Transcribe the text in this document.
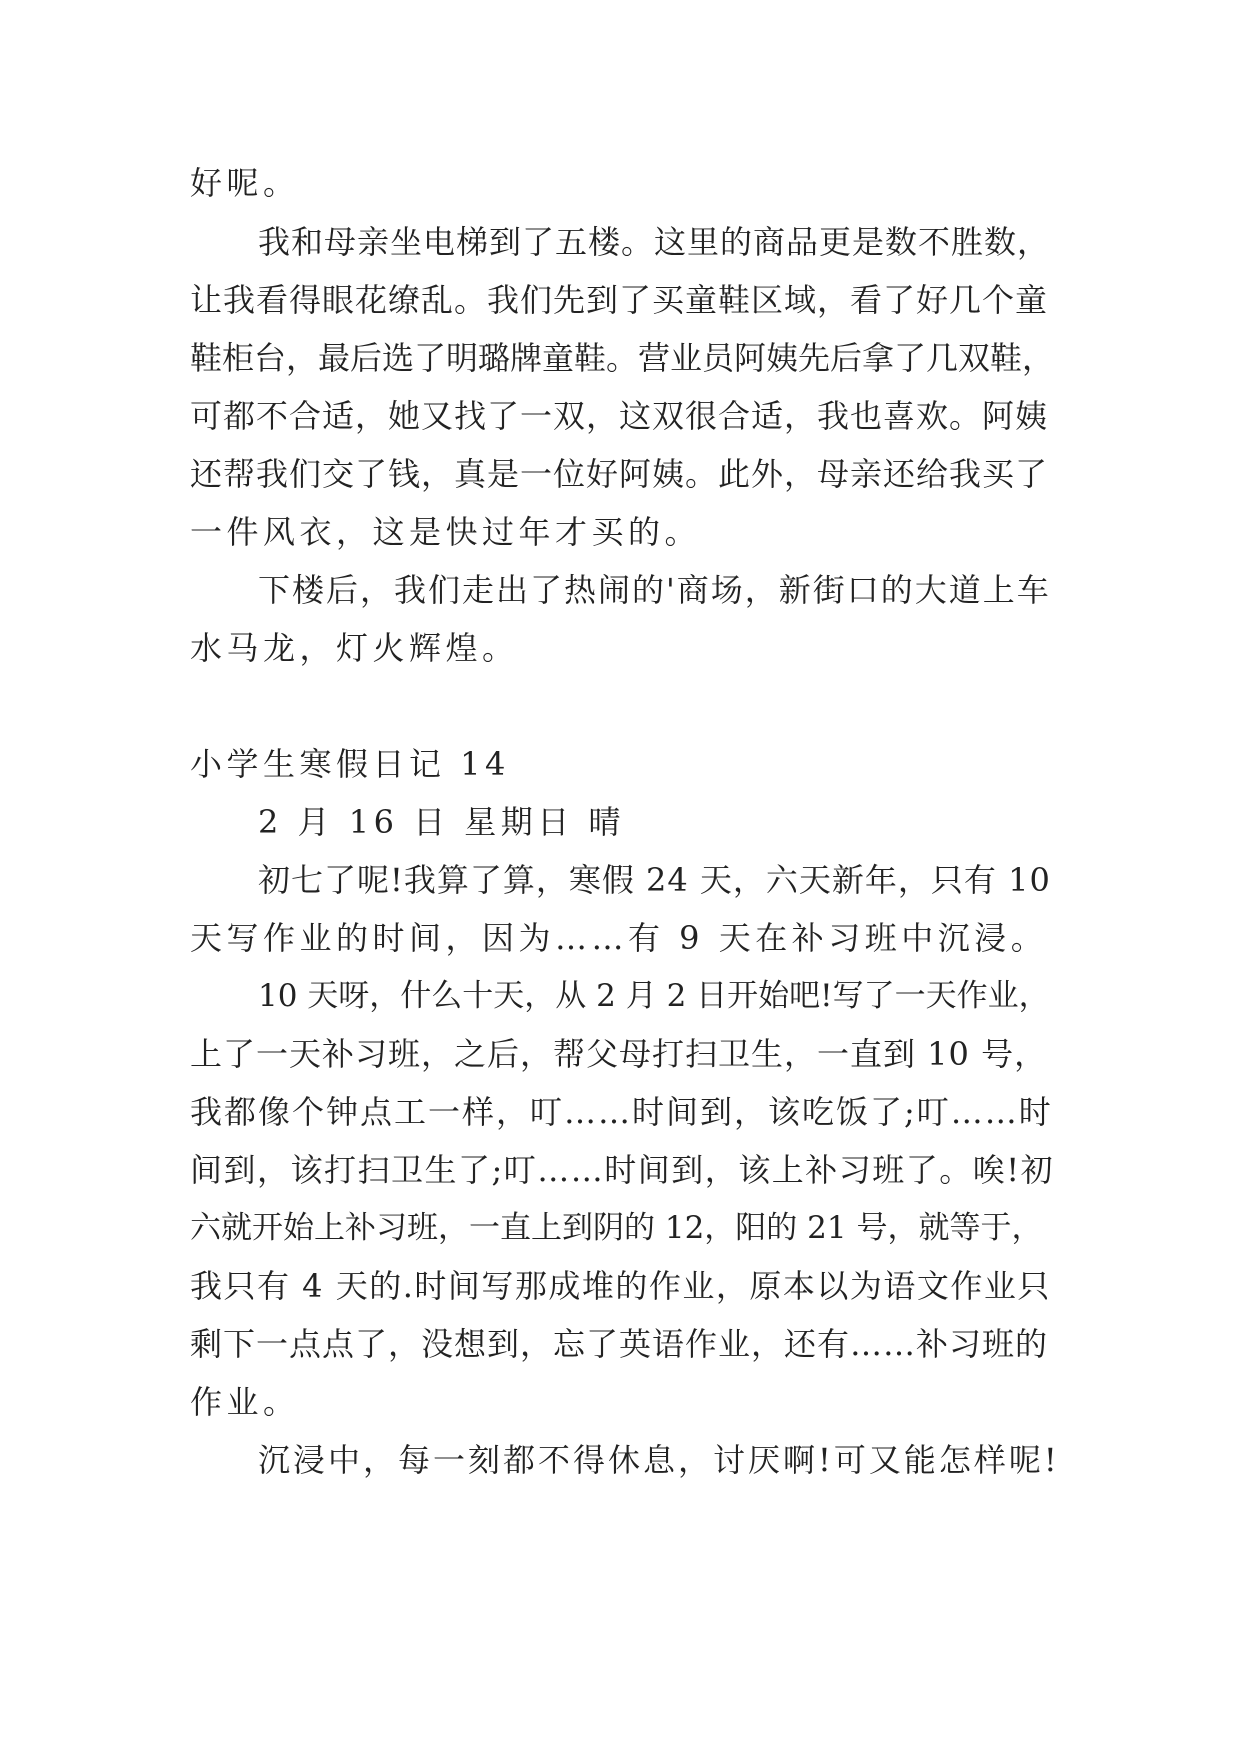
好呢。
我和母亲坐电梯到了五楼。这里的商品更是数不胜数，
让我看得眼花缭乱。我们先到了买童鞋区域，看了好几个童
鞋柜台，最后选了明璐牌童鞋。营业员阿姨先后拿了几双鞋，
可都不合适，她又找了一双，这双很合适，我也喜欢。阿姨
还帮我们交了钱，真是一位好阿姨。此外，母亲还给我买了
一件风衣，这是快过年才买的。
下楼后，我们走出了热闹的'商场，新街口的大道上车
水马龙，灯火辉煌。
小学生寒假日记 14
2 月 16 日 星期日 晴
初七了呢!我算了算，寒假 24 天，六天新年，只有 10
天写作业的时间，因为……有 9 天在补习班中沉浸。
10 天呀，什么十天，从 2 月 2 日开始吧!写了一天作业，
上了一天补习班，之后，帮父母打扫卫生，一直到 10 号，
我都像个钟点工一样，叮……时间到，该吃饭了;叮……时
间到，该打扫卫生了;叮……时间到，该上补习班了。唉!初
六就开始上补习班，一直上到阴的 12，阳的 21 号，就等于，
我只有 4 天的.时间写那成堆的作业，原本以为语文作业只
剩下一点点了，没想到，忘了英语作业，还有……补习班的
作业。
沉浸中，每一刻都不得休息，讨厌啊!可又能怎样呢!
